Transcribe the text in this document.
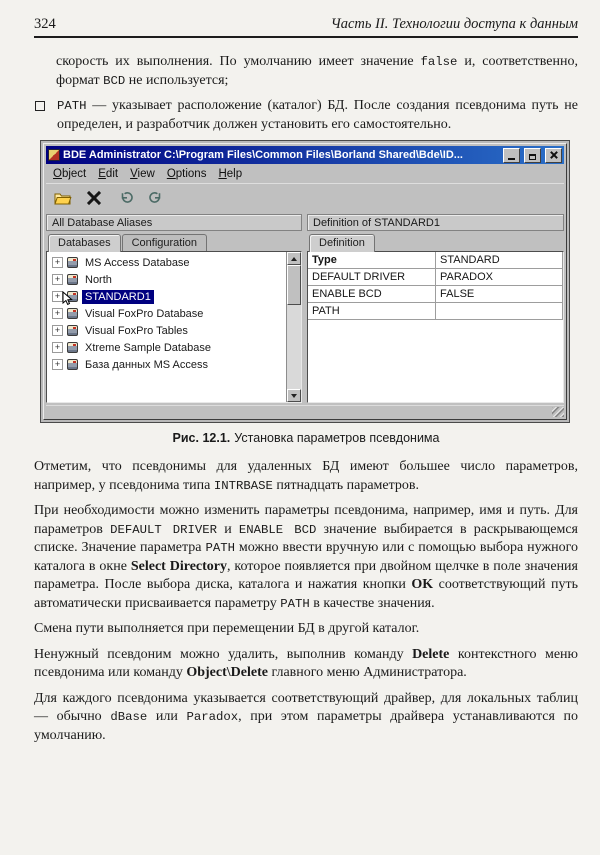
324	Часть II. Технологии доступа к данным

скорость их выполнения. По умолчанию имеет значение false и, соответственно, формат BCD не используется;

PATH — указывает расположение (каталог) БД. После создания псевдонима путь не определен, и разработчик должен установить его самостоятельно.

BDE Administrator C:\Program Files\Common Files\Borland Shared\Bde\ID...
Object	Edit	View	Options	Help
All Database Aliases	Definition of STANDARD1
Databases	Configuration
+ MS Access Database
+ North
+ STANDARD1
+ Visual FoxPro Database
+ Visual FoxPro Tables
+ Xtreme Sample Database
+ База данных MS Access
Definition
Type	STANDARD
DEFAULT DRIVER	PARADOX
ENABLE BCD	FALSE
PATH

Рис. 12.1. Установка параметров псевдонима

Отметим, что псевдонимы для удаленных БД имеют большее число параметров, например, у псевдонима типа INTRBASE пятнадцать параметров.

При необходимости можно изменить параметры псевдонима, например, имя и путь. Для параметров DEFAULT DRIVER и ENABLE BCD значение выбирается в раскрывающемся списке. Значение параметра PATH можно ввести вручную или с помощью выбора нужного каталога в окне Select Directory, которое появляется при двойном щелчке в поле значения параметра. После выбора диска, каталога и нажатия кнопки OK соответствующий путь автоматически присваивается параметру PATH в качестве значения.

Смена пути выполняется при перемещении БД в другой каталог.

Ненужный псевдоним можно удалить, выполнив команду Delete контекстного меню псевдонима или команду Object\Delete главного меню Администратора.

Для каждого псевдонима указывается соответствующий драйвер, для локальных таблиц — обычно dBase или Paradox, при этом параметры драйвера устанавливаются по умолчанию.
